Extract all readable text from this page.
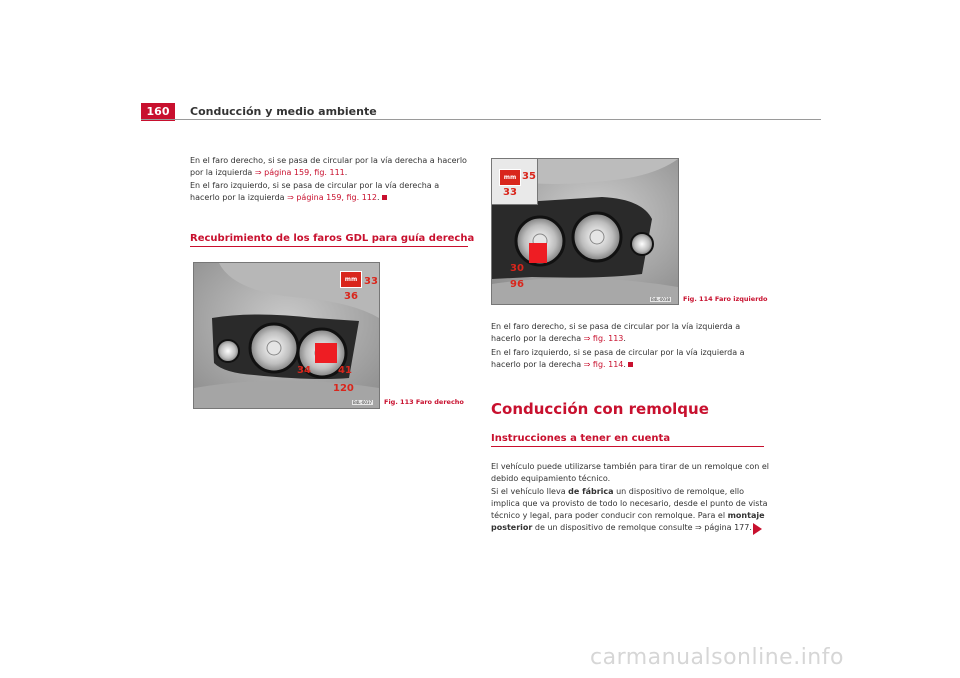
160	Conducción y medio ambiente
En el faro derecho, si se pasa de circular por la vía derecha a hacerlo por la izquierda ⇒ página 159, fig. 111.
En el faro izquierdo, si se pasa de circular por la vía derecha a hacerlo por la izquierda ⇒ página 159, fig. 112.
Recubrimiento de los faros GDL para guía derecha
mm 33
36
34	41
120
B4L-0037 Fig. 113 Faro derecho
mm 35
33
30
96
B4L-0038 Fig. 114 Faro izquierdo
En el faro derecho, si se pasa de circular por la vía izquierda a hacerlo por la derecha ⇒ fig. 113.
En el faro izquierdo, si se pasa de circular por la vía izquierda a hacerlo por la derecha ⇒ fig. 114.
Conducción con remolque
Instrucciones a tener en cuenta
El vehículo puede utilizarse también para tirar de un remolque con el debido equipamiento técnico.
Si el vehículo lleva de fábrica un dispositivo de remolque, ello implica que va provisto de todo lo necesario, desde el punto de vista técnico y legal, para poder conducir con remolque. Para el montaje posterior de un dispositivo de remolque consulte ⇒ página 177.
carmanualsonline.info
